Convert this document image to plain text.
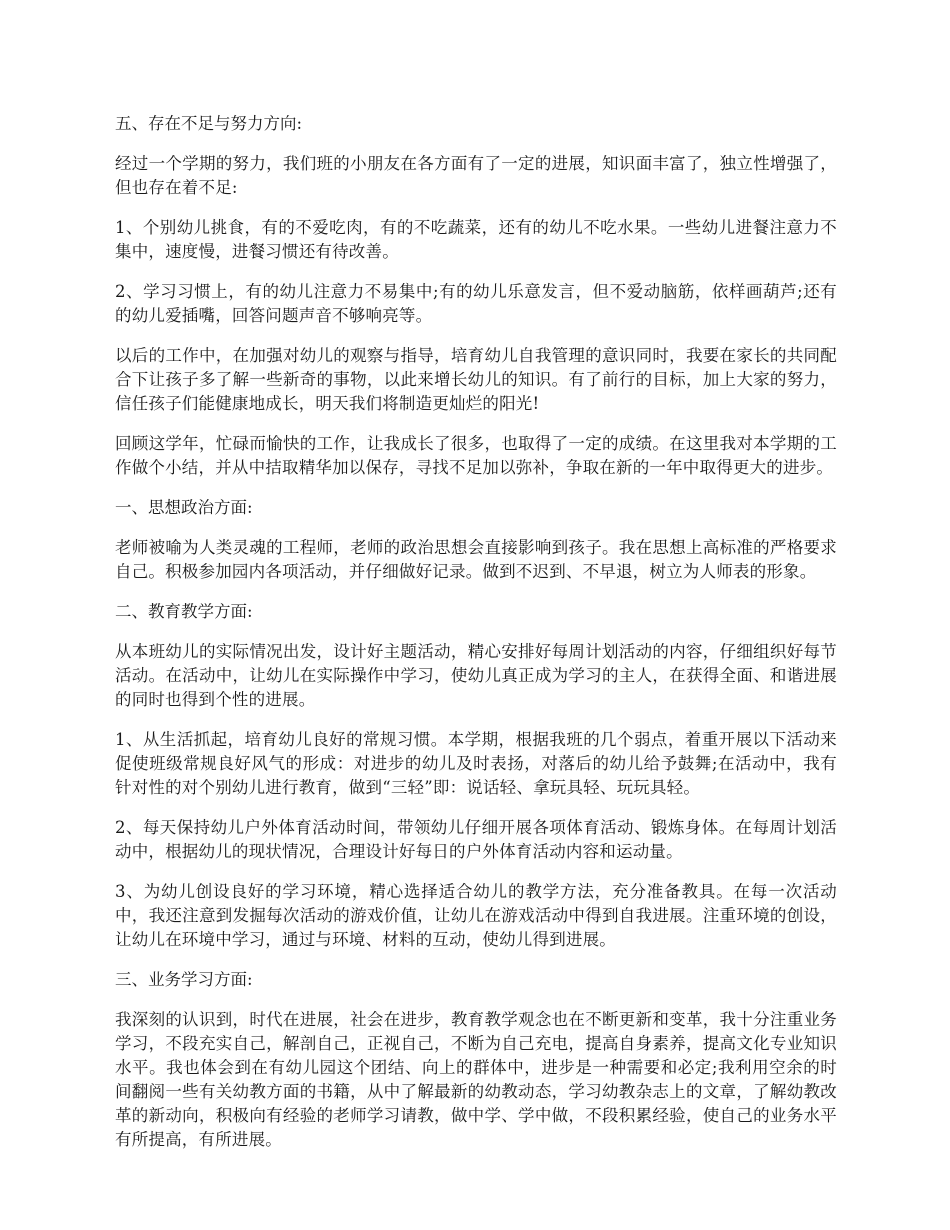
五、存在不足与努力方向:

经过一个学期的努力，我们班的小朋友在各方面有了一定的进展，知识面丰富了，独立性增强了，但也存在着不足:

1、个别幼儿挑食，有的不爱吃肉，有的不吃蔬菜，还有的幼儿不吃水果。一些幼儿进餐注意力不集中，速度慢，进餐习惯还有待改善。

2、学习习惯上，有的幼儿注意力不易集中;有的幼儿乐意发言，但不爱动脑筋，依样画葫芦;还有的幼儿爱插嘴，回答问题声音不够响亮等。

以后的工作中，在加强对幼儿的观察与指导，培育幼儿自我管理的意识同时，我要在家长的共同配合下让孩子多了解一些新奇的事物，以此来增长幼儿的知识。有了前行的目标，加上大家的努力，信任孩子们能健康地成长，明天我们将制造更灿烂的阳光!

回顾这学年，忙碌而愉快的工作，让我成长了很多，也取得了一定的成绩。在这里我对本学期的工作做个小结，并从中拮取精华加以保存，寻找不足加以弥补，争取在新的一年中取得更大的进步。

一、思想政治方面:

老师被喻为人类灵魂的工程师，老师的政治思想会直接影响到孩子。我在思想上高标准的严格要求自己。积极参加园内各项活动，并仔细做好记录。做到不迟到、不早退，树立为人师表的形象。

二、教育教学方面:

从本班幼儿的实际情况出发，设计好主题活动，精心安排好每周计划活动的内容，仔细组织好每节活动。在活动中，让幼儿在实际操作中学习，使幼儿真正成为学习的主人，在获得全面、和谐进展的同时也得到个性的进展。

1、从生活抓起，培育幼儿良好的常规习惯。本学期，根据我班的几个弱点，着重开展以下活动来促使班级常规良好风气的形成：对进步的幼儿及时表扬，对落后的幼儿给予鼓舞;在活动中，我有针对性的对个别幼儿进行教育，做到“三轻”即：说话轻、拿玩具轻、玩玩具轻。

2、每天保持幼儿户外体育活动时间，带领幼儿仔细开展各项体育活动、锻炼身体。在每周计划活动中，根据幼儿的现状情况，合理设计好每日的户外体育活动内容和运动量。

3、为幼儿创设良好的学习环境，精心选择适合幼儿的教学方法，充分准备教具。在每一次活动中，我还注意到发掘每次活动的游戏价值，让幼儿在游戏活动中得到自我进展。注重环境的创设，让幼儿在环境中学习，通过与环境、材料的互动，使幼儿得到进展。

三、业务学习方面:

我深刻的认识到，时代在进展，社会在进步，教育教学观念也在不断更新和变革，我十分注重业务学习，不段充实自己，解剖自己，正视自己，不断为自己充电，提高自身素养，提高文化专业知识水平。我也体会到在有幼儿园这个团结、向上的群体中，进步是一种需要和必定;我利用空余的时间翻阅一些有关幼教方面的书籍，从中了解最新的幼教动态，学习幼教杂志上的文章，了解幼教改革的新动向，积极向有经验的老师学习请教，做中学、学中做，不段积累经验，使自己的业务水平有所提高，有所进展。
